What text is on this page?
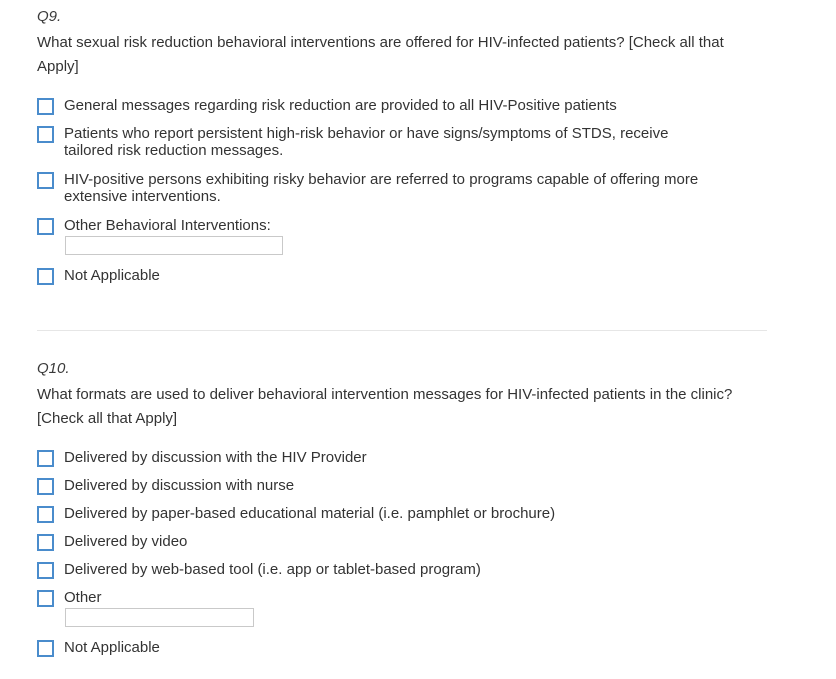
Q9.
What sexual risk reduction behavioral interventions are offered for HIV-infected patients? [Check all that Apply]
General messages regarding risk reduction are provided to all HIV-Positive patients
Patients who report persistent high-risk behavior or have signs/symptoms of STDS, receive tailored risk reduction messages.
HIV-positive persons exhibiting risky behavior are referred to programs capable of offering more extensive interventions.
Other Behavioral Interventions:
Not Applicable
Q10.
What formats are used to deliver behavioral intervention messages for HIV-infected patients in the clinic? [Check all that Apply]
Delivered by discussion with the HIV Provider
Delivered by discussion with nurse
Delivered by paper-based educational material (i.e. pamphlet or brochure)
Delivered by video
Delivered by web-based tool (i.e. app or tablet-based program)
Other
Not Applicable
